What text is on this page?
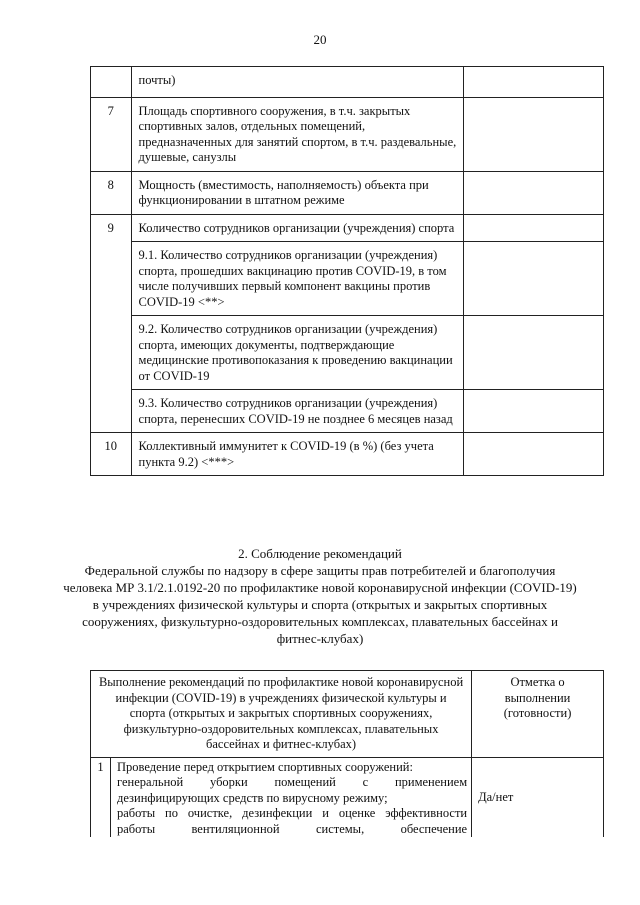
20
	почты)	
7	Площадь спортивного сооружения, в т.ч. закрытых спортивных залов, отдельных помещений, предназначенных для занятий спортом, в т.ч. раздевальные, душевые, санузлы	
8	Мощность (вместимость, наполняемость) объекта при функционировании в штатном режиме	
9	Количество сотрудников организации (учреждения) спорта	
	9.1. Количество сотрудников организации (учреждения) спорта, прошедших вакцинацию против COVID-19, в том числе получивших первый компонент вакцины против COVID-19 <**>	
	9.2. Количество сотрудников организации (учреждения) спорта, имеющих документы, подтверждающие медицинские противопоказания к проведению вакцинации от COVID-19	
	9.3. Количество сотрудников организации (учреждения) спорта, перенесших COVID-19 не позднее 6 месяцев назад	
10	Коллективный иммунитет к COVID-19 (в %) (без учета пункта 9.2) <***>	
2. Соблюдение рекомендаций
Федеральной службы по надзору в сфере защиты прав потребителей и благополучия человека МР 3.1/2.1.0192-20 по профилактике новой коронавирусной инфекции (COVID-19) в учреждениях физической культуры и спорта (открытых и закрытых спортивных сооружениях, физкультурно-оздоровительных комплексах, плавательных бассейнах и фитнес-клубах)
Выполнение рекомендаций по профилактике новой коронавирусной инфекции (COVID-19) в учреждениях физической культуры и спорта (открытых и закрытых спортивных сооружениях, физкультурно-оздоровительных комплексах, плавательных бассейнах и фитнес-клубах)		Отметка о выполнении (готовности)
1	Проведение перед открытием спортивных сооружений:

генеральной уборки помещений с применением
дезинфицирующих средств по вирусному режиму;

работы по очистке, дезинфекции и оценке эффективности
работы вентиляционной системы, обеспечение	Да/нет
